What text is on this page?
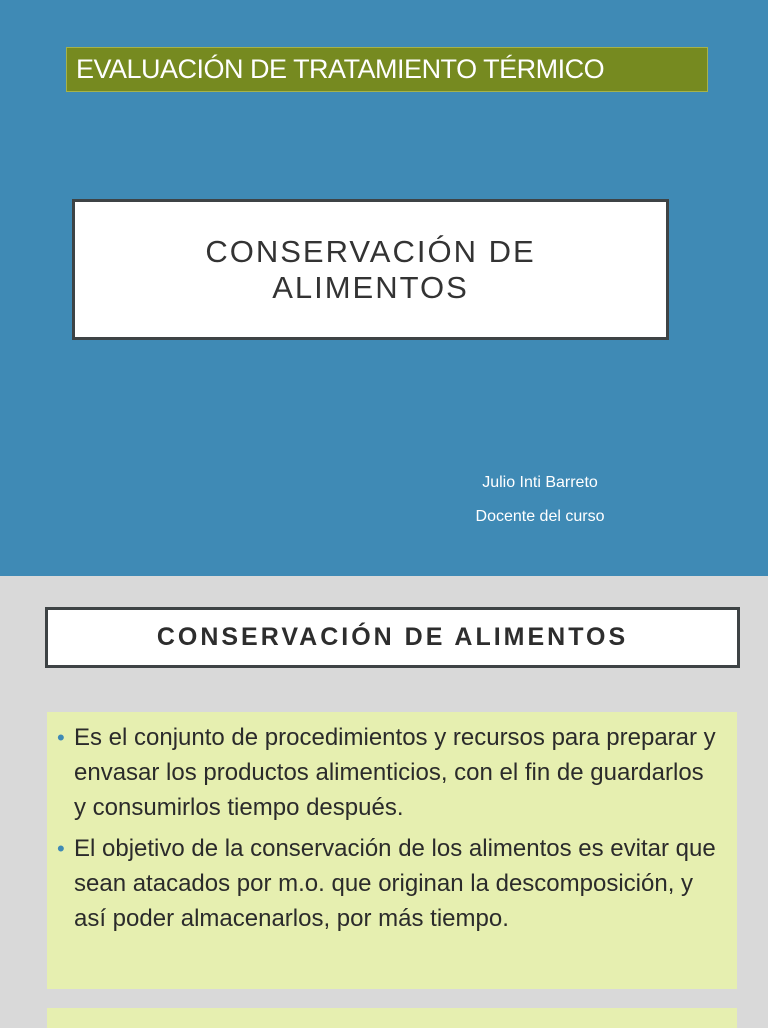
EVALUACIÓN DE TRATAMIENTO TÉRMICO
CONSERVACIÓN DE
ALIMENTOS
Julio Inti Barreto
Docente del curso
CONSERVACIÓN DE ALIMENTOS
• Es el conjunto de procedimientos y recursos para preparar y envasar los productos alimenticios, con el fin de guardarlos y consumirlos tiempo después.
• El objetivo de la conservación de los alimentos es evitar que sean atacados por m.o. que originan la descomposición, y así poder almacenarlos, por más tiempo.
